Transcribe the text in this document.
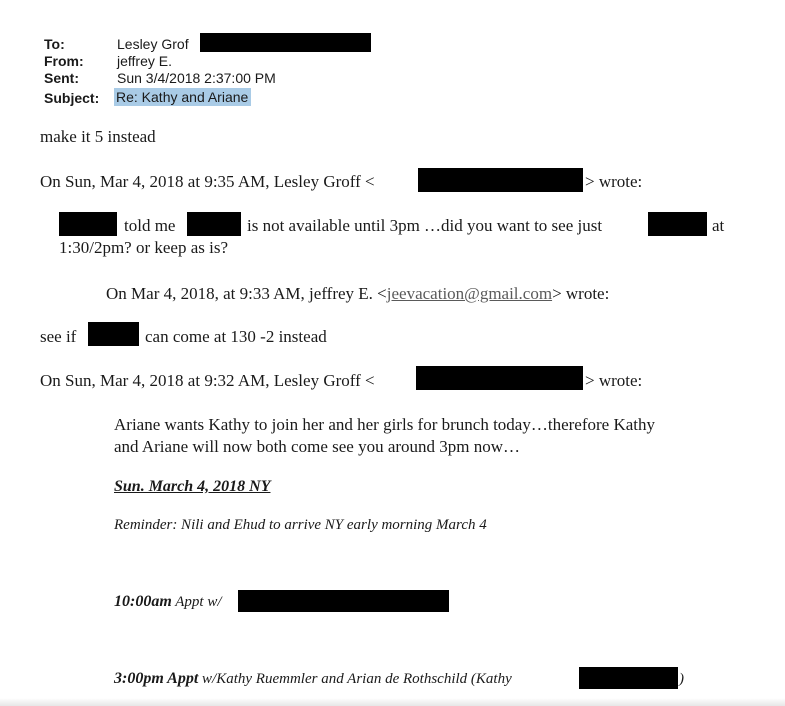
To:	Lesley Grof
From: jeffrey E.
Sent:	Sun 3/4/2018 2:37:00 PM
Subject: Re: Kathy and Ariane
make it 5 instead
On Sun, Mar 4, 2018 at 9:35 AM, Lesley Groff <	> wrote:
told me	is not available until 3pm …did you want to see just	at
1:30/2pm? or keep as is?
On Mar 4, 2018, at 9:33 AM, jeffrey E. <jeevacation@gmail.com> wrote:
see if	can come at 130 -2 instead
On Sun, Mar 4, 2018 at 9:32 AM, Lesley Groff <	> wrote:
Ariane wants Kathy to join her and her girls for brunch today…therefore Kathy
and Ariane will now both come see you around 3pm now…
Sun. March 4, 2018 NY
Reminder: Nili and Ehud to arrive NY early morning March 4
10:00am Appt w/
3:00pm Appt w/Kathy Ruemmler and Arian de Rothschild (Kathy	)
